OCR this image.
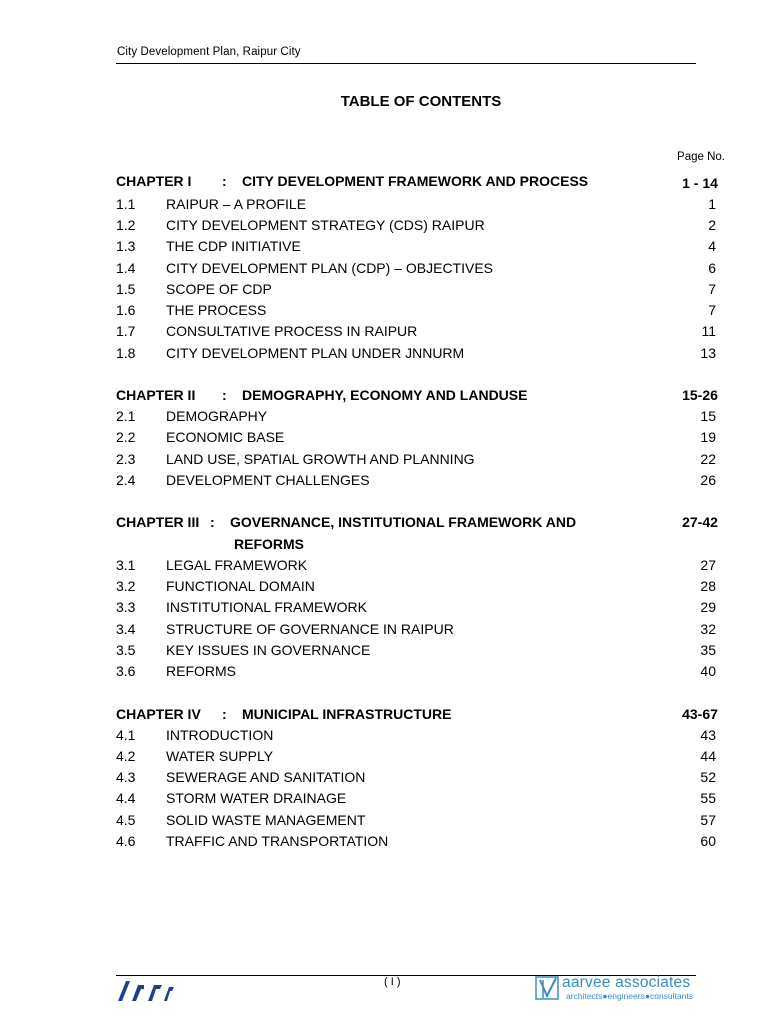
City Development Plan, Raipur City
TABLE OF CONTENTS
Page No.
CHAPTER I : CITY DEVELOPMENT FRAMEWORK AND PROCESS	1 - 14
1.1 RAIPUR – A PROFILE	1
1.2 CITY DEVELOPMENT STRATEGY (CDS) RAIPUR	2
1.3 THE CDP INITIATIVE	4
1.4 CITY DEVELOPMENT PLAN (CDP) – OBJECTIVES	6
1.5 SCOPE OF CDP	7
1.6 THE PROCESS	7
1.7 CONSULTATIVE PROCESS IN RAIPUR	11
1.8 CITY DEVELOPMENT PLAN UNDER JNNURM	13
CHAPTER II : DEMOGRAPHY, ECONOMY AND LANDUSE	15-26
2.1 DEMOGRAPHY	15
2.2 ECONOMIC BASE	19
2.3 LAND USE, SPATIAL GROWTH AND PLANNING	22
2.4 DEVELOPMENT CHALLENGES	26
CHAPTER III : GOVERNANCE, INSTITUTIONAL FRAMEWORK AND	27-42
REFORMS
3.1 LEGAL FRAMEWORK	27
3.2 FUNCTIONAL DOMAIN	28
3.3 INSTITUTIONAL FRAMEWORK	29
3.4 STRUCTURE OF GOVERNANCE IN RAIPUR	32
3.5 KEY ISSUES IN GOVERNANCE	35
3.6 REFORMS	40
CHAPTER IV : MUNICIPAL INFRASTRUCTURE	43-67
4.1 INTRODUCTION	43
4.2 WATER SUPPLY	44
4.3 SEWERAGE AND SANITATION	52
4.4 STORM WATER DRAINAGE	55
4.5 SOLID WASTE MANAGEMENT	57
4.6 TRAFFIC AND TRANSPORTATION	60
( I )	aarvee associates
architects●engineers●consultants
